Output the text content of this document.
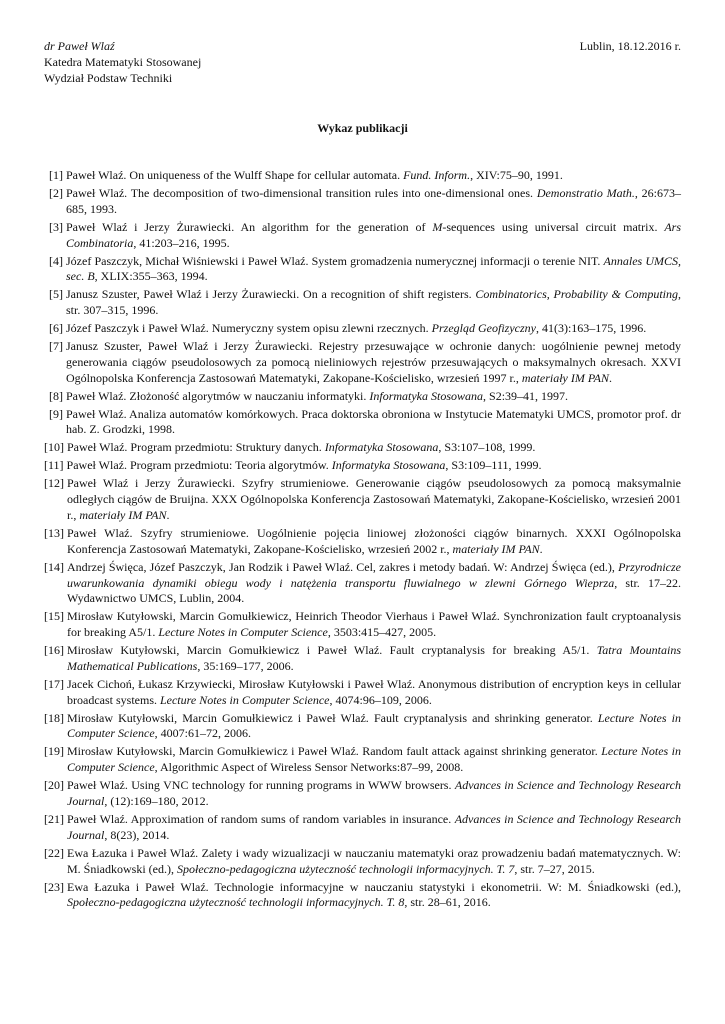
dr Paweł Wlaź	Lublin, 18.12.2016 r.
Katedra Matematyki Stosowanej
Wydział Podstaw Techniki
Wykaz publikacji
[1] Paweł Wlaź. On uniqueness of the Wulff Shape for cellular automata. Fund. Inform., XIV:75–90, 1991.
[2] Paweł Wlaź. The decomposition of two-dimensional transition rules into one-dimensional ones. Demonstratio Math., 26:673–685, 1993.
[3] Paweł Wlaź i Jerzy Żurawiecki. An algorithm for the generation of M-sequences using universal circuit matrix. Ars Combinatoria, 41:203–216, 1995.
[4] Józef Paszczyk, Michał Wiśniewski i Paweł Wlaź. System gromadzenia numerycznej informacji o terenie NIT. Annales UMCS, sec. B, XLIX:355–363, 1994.
[5] Janusz Szuster, Paweł Wlaź i Jerzy Żurawiecki. On a recognition of shift registers. Combinatorics, Probability & Computing, str. 307–315, 1996.
[6] Józef Paszczyk i Paweł Wlaź. Numeryczny system opisu zlewni rzecznych. Przegląd Geofizyczny, 41(3):163–175, 1996.
[7] Janusz Szuster, Paweł Wlaź i Jerzy Żurawiecki. Rejestry przesuwające w ochronie danych: uogólnienie pewnej metody generowania ciągów pseudolosowych za pomocą nieliniowych rejestrów przesuwających o maksymalnych okresach. XXVI Ogólnopolska Konferencja Zastosowań Matematyki, Zakopane-Kościelisko, wrzesień 1997 r., materiały IM PAN.
[8] Paweł Wlaź. Złożoność algorytmów w nauczaniu informatyki. Informatyka Stosowana, S2:39–41, 1997.
[9] Paweł Wlaź. Analiza automatów komórkowych. Praca doktorska obroniona w Instytucie Matematyki UMCS, promotor prof. dr hab. Z. Grodzki, 1998.
[10] Paweł Wlaź. Program przedmiotu: Struktury danych. Informatyka Stosowana, S3:107–108, 1999.
[11] Paweł Wlaź. Program przedmiotu: Teoria algorytmów. Informatyka Stosowana, S3:109–111, 1999.
[12] Paweł Wlaź i Jerzy Żurawiecki. Szyfry strumieniowe. Generowanie ciągów pseudolosowych za pomocą maksymalnie odległych ciągów de Bruijna. XXX Ogólnopolska Konferencja Zastosowań Matematyki, Zakopane-Kościelisko, wrzesień 2001 r., materiały IM PAN.
[13] Paweł Wlaź. Szyfry strumieniowe. Uogólnienie pojęcia liniowej złożoności ciągów binarnych. XXXI Ogólnopolska Konferencja Zastosowań Matematyki, Zakopane-Kościelisko, wrzesień 2002 r., materiały IM PAN.
[14] Andrzej Święca, Józef Paszczyk, Jan Rodzik i Paweł Wlaź. Cel, zakres i metody badań. W: Andrzej Święca (ed.), Przyrodnicze uwarunkowania dynamiki obiegu wody i natężenia transportu fluwialnego w zlewni Górnego Wieprza, str. 17–22. Wydawnictwo UMCS, Lublin, 2004.
[15] Mirosław Kutyłowski, Marcin Gomułkiewicz, Heinrich Theodor Vierhaus i Paweł Wlaź. Synchronization fault cryptoanalysis for breaking A5/1. Lecture Notes in Computer Science, 3503:415–427, 2005.
[16] Mirosław Kutyłowski, Marcin Gomułkiewicz i Paweł Wlaź. Fault cryptanalysis for breaking A5/1. Tatra Mountains Mathematical Publications, 35:169–177, 2006.
[17] Jacek Cichoń, Łukasz Krzywiecki, Mirosław Kutyłowski i Paweł Wlaź. Anonymous distribution of encryption keys in cellular broadcast systems. Lecture Notes in Computer Science, 4074:96–109, 2006.
[18] Mirosław Kutyłowski, Marcin Gomułkiewicz i Paweł Wlaź. Fault cryptanalysis and shrinking generator. Lecture Notes in Computer Science, 4007:61–72, 2006.
[19] Mirosław Kutyłowski, Marcin Gomułkiewicz i Paweł Wlaź. Random fault attack against shrinking generator. Lecture Notes in Computer Science, Algorithmic Aspect of Wireless Sensor Networks:87–99, 2008.
[20] Paweł Wlaź. Using VNC technology for running programs in WWW browsers. Advances in Science and Technology Research Journal, (12):169–180, 2012.
[21] Paweł Wlaź. Approximation of random sums of random variables in insurance. Advances in Science and Technology Research Journal, 8(23), 2014.
[22] Ewa Łazuka i Paweł Wlaź. Zalety i wady wizualizacji w nauczaniu matematyki oraz prowadzeniu badań matematycznych. W: M. Śniadkowski (ed.), Społeczno-pedagogiczna użyteczność technologii informacyjnych. T. 7, str. 7–27, 2015.
[23] Ewa Łazuka i Paweł Wlaź. Technologie informacyjne w nauczaniu statystyki i ekonometrii. W: M. Śniadkowski (ed.), Społeczno-pedagogiczna użyteczność technologii informacyjnych. T. 8, str. 28–61, 2016.
